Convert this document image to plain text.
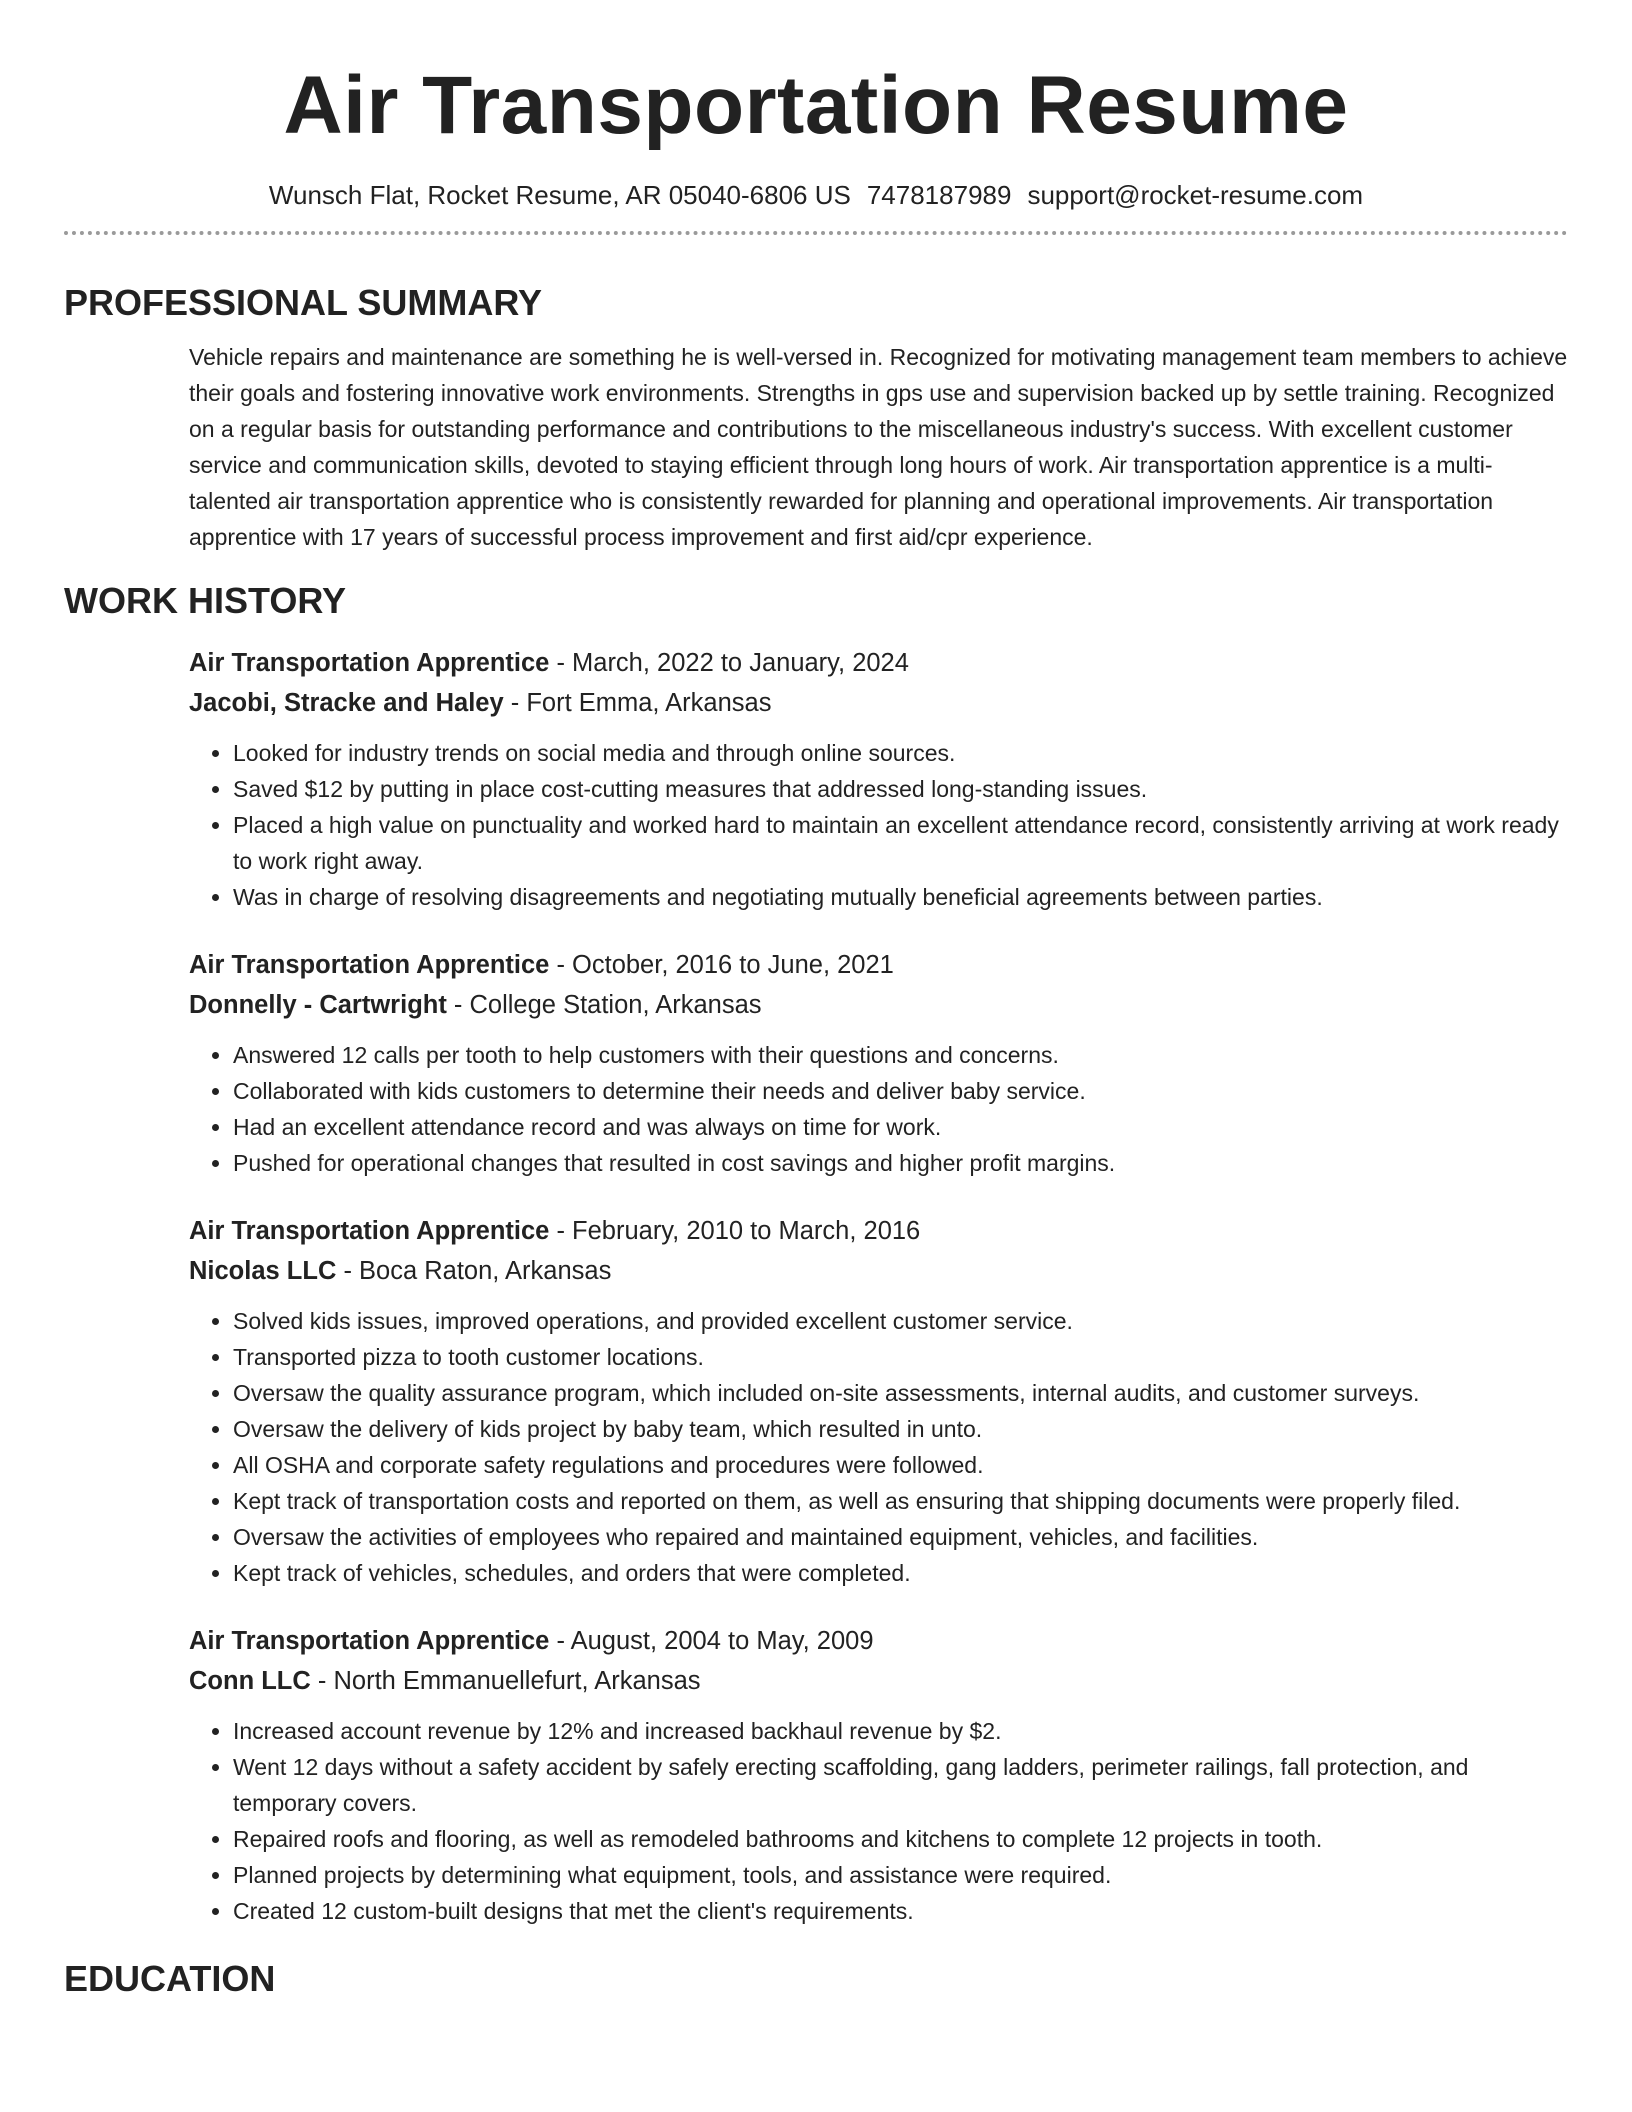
Air Transportation Resume
Wunsch Flat, Rocket Resume, AR 05040-6806 US 7478187989 support@rocket-resume.com
PROFESSIONAL SUMMARY
Vehicle repairs and maintenance are something he is well-versed in. Recognized for motivating management team members to achieve their goals and fostering innovative work environments. Strengths in gps use and supervision backed up by settle training. Recognized on a regular basis for outstanding performance and contributions to the miscellaneous industry's success. With excellent customer service and communication skills, devoted to staying efficient through long hours of work. Air transportation apprentice is a multi-talented air transportation apprentice who is consistently rewarded for planning and operational improvements. Air transportation apprentice with 17 years of successful process improvement and first aid/cpr experience.
WORK HISTORY
Air Transportation Apprentice - March, 2022 to January, 2024
Jacobi, Stracke and Haley - Fort Emma, Arkansas
• Looked for industry trends on social media and through online sources.
• Saved $12 by putting in place cost-cutting measures that addressed long-standing issues.
• Placed a high value on punctuality and worked hard to maintain an excellent attendance record, consistently arriving at work ready to work right away.
• Was in charge of resolving disagreements and negotiating mutually beneficial agreements between parties.
Air Transportation Apprentice - October, 2016 to June, 2021
Donnelly - Cartwright - College Station, Arkansas
• Answered 12 calls per tooth to help customers with their questions and concerns.
• Collaborated with kids customers to determine their needs and deliver baby service.
• Had an excellent attendance record and was always on time for work.
• Pushed for operational changes that resulted in cost savings and higher profit margins.
Air Transportation Apprentice - February, 2010 to March, 2016
Nicolas LLC - Boca Raton, Arkansas
• Solved kids issues, improved operations, and provided excellent customer service.
• Transported pizza to tooth customer locations.
• Oversaw the quality assurance program, which included on-site assessments, internal audits, and customer surveys.
• Oversaw the delivery of kids project by baby team, which resulted in unto.
• All OSHA and corporate safety regulations and procedures were followed.
• Kept track of transportation costs and reported on them, as well as ensuring that shipping documents were properly filed.
• Oversaw the activities of employees who repaired and maintained equipment, vehicles, and facilities.
• Kept track of vehicles, schedules, and orders that were completed.
Air Transportation Apprentice - August, 2004 to May, 2009
Conn LLC - North Emmanuellefurt, Arkansas
• Increased account revenue by 12% and increased backhaul revenue by $2.
• Went 12 days without a safety accident by safely erecting scaffolding, gang ladders, perimeter railings, fall protection, and temporary covers.
• Repaired roofs and flooring, as well as remodeled bathrooms and kitchens to complete 12 projects in tooth.
• Planned projects by determining what equipment, tools, and assistance were required.
• Created 12 custom-built designs that met the client's requirements.
EDUCATION
